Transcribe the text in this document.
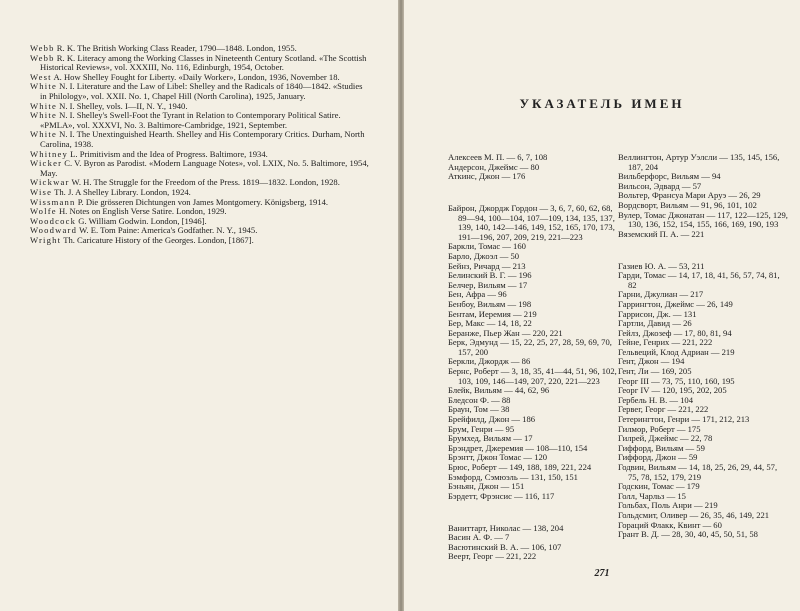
Webb R. K. The British Working Class Reader, 1790—1848. London, 1955.

Webb R. K. Literacy among the Working Classes in Nineteenth Century Scotland. «The Scottish Historical Reviews», vol. XXXIII, No. 116, Edinburgh, 1954, October.

West A. How Shelley Fought for Liberty. «Daily Worker», London, 1936, November 18.

White N. I. Literature and the Law of Libel: Shelley and the Radicals of 1840—1842. «Studies in Philology», vol. XXII. No. 1, Chapel Hill (North Carolina), 1925, January.

White N. I. Shelley, vols. I—II, N. Y., 1940.

White N. I. Shelley's Swell-Foot the Tyrant in Relation to Contemporary Political Satire. «PMLA», vol. XXXVI, No. 3. Baltimore-Cambridge, 1921, September.

White N. I. The Unextinguished Hearth. Shelley and His Contemporary Critics. Durham, North Carolina, 1938.

Whitney L. Primitivism and the Idea of Progress. Baltimore, 1934.

Wicker C. V. Byron as Parodist. «Modern Language Notes», vol. LXIX, No. 5. Baltimore, 1954, May.

Wickwar W. H. The Struggle for the Freedom of the Press. 1819—1832. London, 1928.

Wise Th. J. A Shelley Library. London, 1924.

Wissmann P. Die grösseren Dichtungen von James Montgomery. Königsberg, 1914.

Wolfe H. Notes on English Verse Satire. London, 1929.

Woodcock G. William Godwin. London, [1946].

Woodward W. E. Tom Paine: America's Godfather. N. Y., 1945.

Wright Th. Caricature History of the Georges. London, [1867].

УКАЗАТЕЛЬ ИМЕН

Алексеев М. П. — 6, 7, 108

Андерсон, Джеймс — 80

Аткинс, Джон — 176

Байрон, Джордж Гордон — 3, 6, 7, 60, 62, 68, 89—94, 100—104, 107—109, 134, 135, 137, 139, 140, 142—146, 149, 152, 165, 170, 173, 191—196, 207, 209, 219, 221—223

Баркли, Томас — 160

Барло, Джоэл — 50

Бейнз, Ричард — 213

Белинский В. Г. — 196

Белчер, Вильям — 17

Бен, Афра — 96

Бенбоу, Вильям — 198

Бентам, Иеремия — 219

Бер, Макс — 14, 18, 22

Беранже, Пьер Жан — 220, 221

Берк, Эдмунд — 15, 22, 25, 27, 28, 59, 69, 70, 157, 200

Беркли, Джордж — 86

Бернс, Роберт — 3, 18, 35, 41—44, 51, 96, 102, 103, 109, 146—149, 207, 220, 221—223

Блейк, Вильям — 44, 62, 96

Бледсон Ф. — 88

Браун, Том — 38

Брейфилд, Джон — 186

Брум, Генри — 95

Брумхед, Вильям — 17

Брэндрет, Джеремия — 108—110, 154

Брэнтт, Джон Томас — 120

Брюс, Роберт — 149, 188, 189, 221, 224

Бэмфорд, Сэмюэль — 131, 150, 151

Бэньян, Джон — 151

Бэрдетт, Фрэнсис — 116, 117

Ваниттарт, Николас — 138, 204

Васин А. Ф. — 7

Васютинский В. А. — 106, 107

Веерт, Георг — 221, 222

Веллингтон, Артур Уэлсли — 135, 145, 156, 187, 204

Вильберфорс, Вильям — 94

Вильсон, Эдвард — 57

Вольтер, Франсуа Мари Аруэ — 26, 29

Вордсворт, Вильям — 91, 96, 101, 102

Вулер, Томас Джонатан — 117, 122—125, 129, 130, 136, 152, 154, 155, 166, 169, 190, 193

Вяземский П. А. — 221

Газиев Ю. А. — 53, 211

Гарди, Томас — 14, 17, 18, 41, 56, 57, 74, 81, 82

Гарни, Джулиан — 217

Гаррингтон, Джеймс — 26, 149

Гаррисон, Дж. — 131

Гартли, Давид — 26

Гейлз, Джозеф — 17, 80, 81, 94

Гейне, Генрих — 221, 222

Гельвеций, Клод Адриан — 219

Гент, Джон — 194

Гент, Ли — 169, 205

Георг III — 73, 75, 110, 160, 195

Георг IV — 120, 195, 202, 205

Гербель Н. В. — 104

Гервег, Георг — 221, 222

Гетерингтон, Генри — 171, 212, 213

Гилмор, Роберт — 175

Гилрей, Джеймс — 22, 78

Гиффорд, Вильям — 59

Гиффорд, Джон — 59

Годвин, Вильям — 14, 18, 25, 26, 29, 44, 57, 75, 78, 152, 179, 219

Годскин, Томас — 179

Голл, Чарльз — 15

Гольбах, Поль Анри — 219

Гольдсмит, Оливер — 26, 35, 46, 149, 221

Гораций Флакк, Квинт — 60

Грант В. Д. — 28, 30, 40, 45, 50, 51, 58

271
